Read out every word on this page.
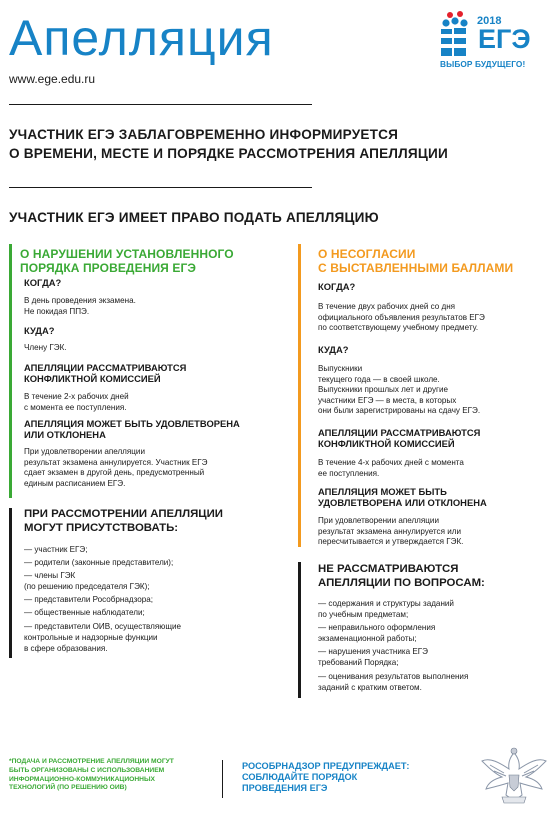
Апелляция
www.ege.edu.ru
2018
ЕГЭ
ВЫБОР БУДУЩЕГО!
УЧАСТНИК ЕГЭ ЗАБЛАГОВРЕМЕННО ИНФОРМИРУЕТСЯ
О ВРЕМЕНИ, МЕСТЕ И ПОРЯДКЕ РАССМОТРЕНИЯ АПЕЛЛЯЦИИ
УЧАСТНИК ЕГЭ ИМЕЕТ ПРАВО ПОДАТЬ АПЕЛЛЯЦИЮ
О НАРУШЕНИИ УСТАНОВЛЕННОГО
ПОРЯДКА ПРОВЕДЕНИЯ ЕГЭ
КОГДА?
В день проведения экзамена.
Не покидая ППЭ.
КУДА?
Члену ГЭК.
АПЕЛЛЯЦИИ РАССМАТРИВАЮТСЯ
КОНФЛИКТНОЙ КОМИССИЕЙ
В течение 2-х рабочих дней
с момента ее поступления.
АПЕЛЛЯЦИЯ МОЖЕТ БЫТЬ УДОВЛЕТВОРЕНА
ИЛИ ОТКЛОНЕНА
При удовлетворении апелляции
результат экзамена аннулируется. Участник ЕГЭ
сдает экзамен в другой день, предусмотренный
единым расписанием ЕГЭ.
ПРИ РАССМОТРЕНИИ АПЕЛЛЯЦИИ
МОГУТ ПРИСУТСТВОВАТЬ:
— участник ЕГЭ;
— родители (законные представители);
— члены ГЭК
(по решению председателя ГЭК);
— представители Рособрнадзора;
— общественные наблюдатели;
— представители ОИВ, осуществляющие
контрольные и надзорные функции
в сфере образования.
О НЕСОГЛАСИИ
С ВЫСТАВЛЕННЫМИ БАЛЛАМИ
КОГДА?
В течение двух рабочих дней со дня
официального объявления результатов ЕГЭ
по соответствующему учебному предмету.
КУДА?
Выпускники
текущего года — в своей школе.
Выпускники прошлых лет и другие
участники ЕГЭ — в места, в которых
они были зарегистрированы на сдачу ЕГЭ.
АПЕЛЛЯЦИИ РАССМАТРИВАЮТСЯ
КОНФЛИКТНОЙ КОМИССИЕЙ
В течение 4-х рабочих дней с момента
ее поступления.
АПЕЛЛЯЦИЯ МОЖЕТ БЫТЬ
УДОВЛЕТВОРЕНА ИЛИ ОТКЛОНЕНА
При удовлетворении апелляции
результат экзамена аннулируется или
пересчитывается и утверждается ГЭК.
НЕ РАССМАТРИВАЮТСЯ
АПЕЛЛЯЦИИ ПО ВОПРОСАМ:
— содержания и структуры заданий
по учебным предметам;
— неправильного оформления
экзаменационной работы;
— нарушения участника ЕГЭ
требований Порядка;
— оценивания результатов выполнения
заданий с кратким ответом.
*ПОДАЧА И РАССМОТРЕНИЕ АПЕЛЛЯЦИИ МОГУТ
БЫТЬ ОРГАНИЗОВАНЫ С ИСПОЛЬЗОВАНИЕМ
ИНФОРМАЦИОННО-КОММУНИКАЦИОННЫХ
ТЕХНОЛОГИЙ (ПО РЕШЕНИЮ ОИВ)
РОСОБРНАДЗОР ПРЕДУПРЕЖДАЕТ:
СОБЛЮДАЙТЕ ПОРЯДОК
ПРОВЕДЕНИЯ ЕГЭ
